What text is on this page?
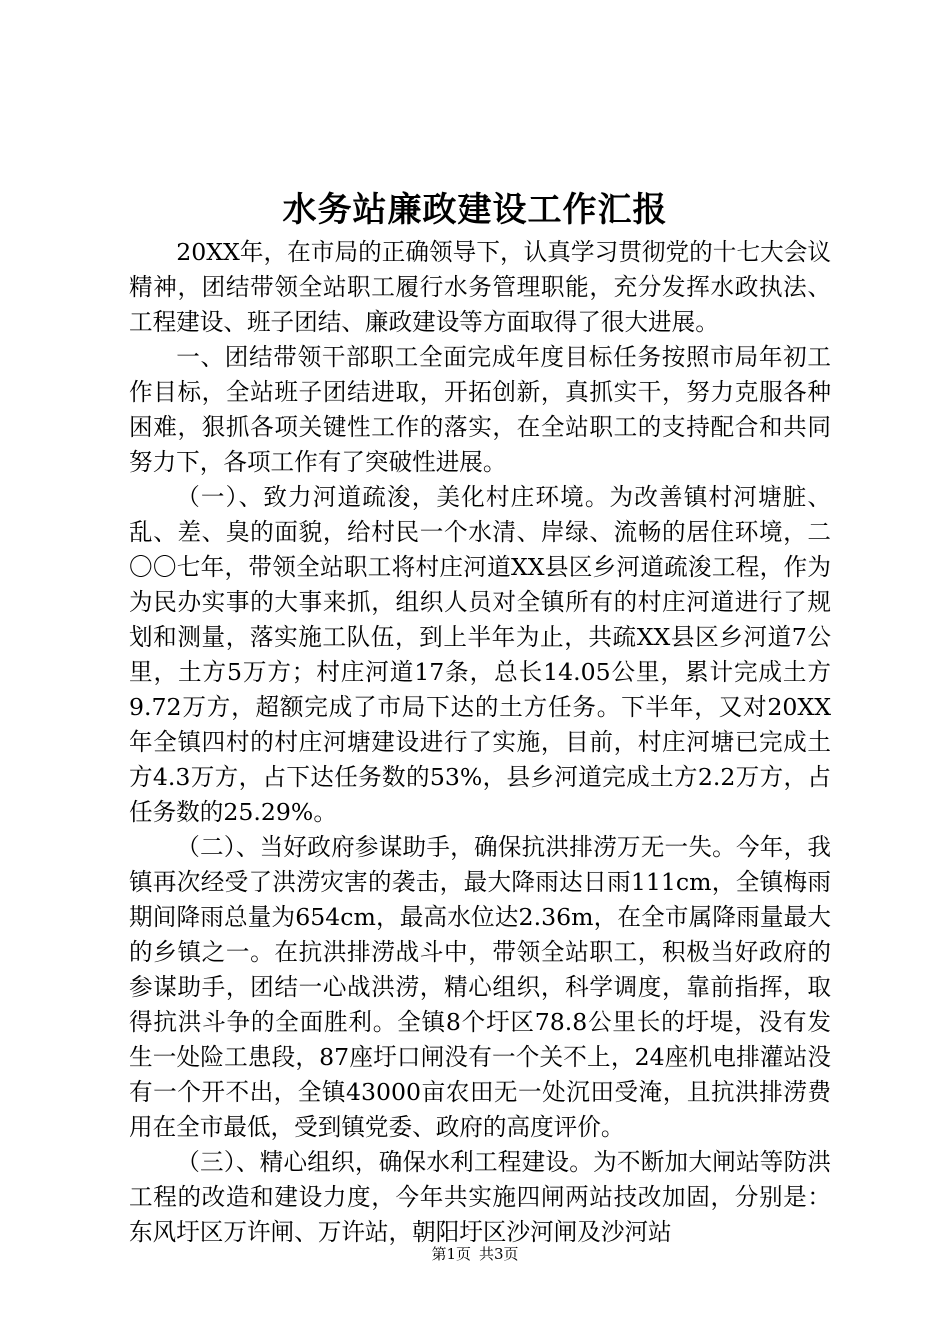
水务站廉政建设工作汇报

20XX年，在市局的正确领导下，认真学习贯彻党的十七大会议精神，团结带领全站职工履行水务管理职能，充分发挥水政执法、工程建设、班子团结、廉政建设等方面取得了很大进展。

一、团结带领干部职工全面完成年度目标任务按照市局年初工作目标，全站班子团结进取，开拓创新，真抓实干，努力克服各种困难，狠抓各项关键性工作的落实，在全站职工的支持配合和共同努力下，各项工作有了突破性进展。

（一）、致力河道疏浚，美化村庄环境。为改善镇村河塘脏、乱、差、臭的面貌，给村民一个水清、岸绿、流畅的居住环境，二〇〇七年，带领全站职工将村庄河道XX县区乡河道疏浚工程，作为为民办实事的大事来抓，组织人员对全镇所有的村庄河道进行了规划和测量，落实施工队伍，到上半年为止，共疏XX县区乡河道7公里，土方5万方；村庄河道17条，总长14.05公里，累计完成土方9.72万方，超额完成了市局下达的土方任务。下半年，又对20XX年全镇四村的村庄河塘建设进行了实施，目前，村庄河塘已完成土方4.3万方，占下达任务数的53%，县乡河道完成土方2.2万方，占任务数的25.29%。

（二）、当好政府参谋助手，确保抗洪排涝万无一失。今年，我镇再次经受了洪涝灾害的袭击，最大降雨达日雨111cm，全镇梅雨期间降雨总量为654cm，最高水位达2.36m，在全市属降雨量最大的乡镇之一。在抗洪排涝战斗中，带领全站职工，积极当好政府的参谋助手，团结一心战洪涝，精心组织，科学调度，靠前指挥，取得抗洪斗争的全面胜利。全镇8个圩区78.8公里长的圩堤，没有发生一处险工患段，87座圩口闸没有一个关不上，24座机电排灌站没有一个开不出，全镇43000亩农田无一处沉田受淹，且抗洪排涝费用在全市最低，受到镇党委、政府的高度评价。

（三）、精心组织，确保水利工程建设。为不断加大闸站等防洪工程的改造和建设力度，今年共实施四闸两站技改加固，分别是：东风圩区万许闸、万许站，朝阳圩区沙河闸及沙河站

第1页 共3页
